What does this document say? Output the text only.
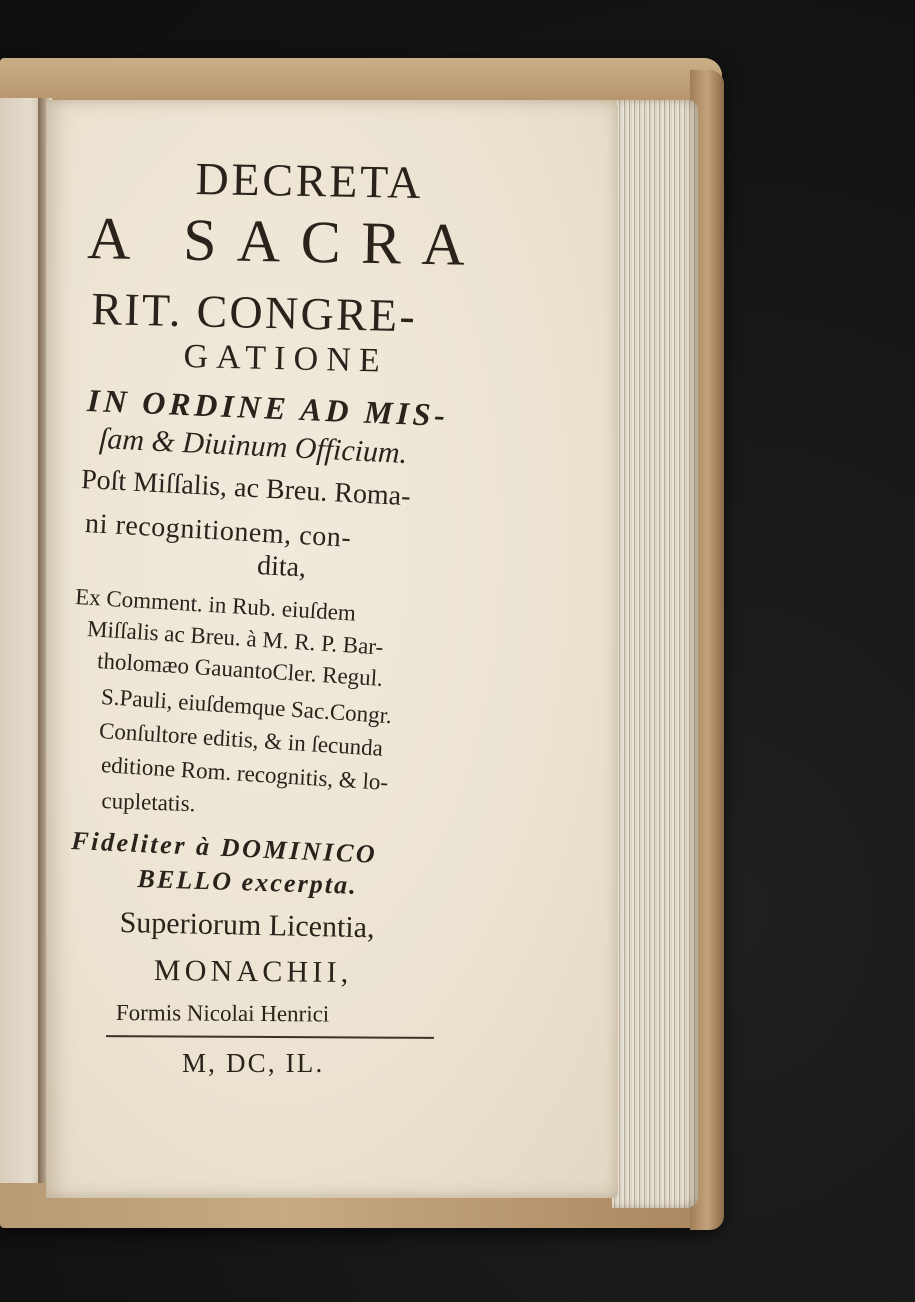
DECRETA
A SACRA
RIT. CONGRE-
GATIONE
IN ORDINE AD MIS-
ſam & Diuinum Officium.
Poſt Miſſalis, ac Breu. Roma-
ni recognitionem, con-
dita,
Ex Comment. in Rub. eiuſdem
Miſſalis ac Breu. à M. R. P. Bar-
tholomæo GauantoCler. Regul.
S.Pauli, eiuſdemque Sac.Congr.
Conſultore editis, & in ſecunda
editione Rom. recognitis, & lo-
cupletatis.
Fideliter à DOMINICO
BELLO excerpta.
Superiorum Licentia,
MONACHII,
Formis Nicolai Henrici
M, DC, IL.
